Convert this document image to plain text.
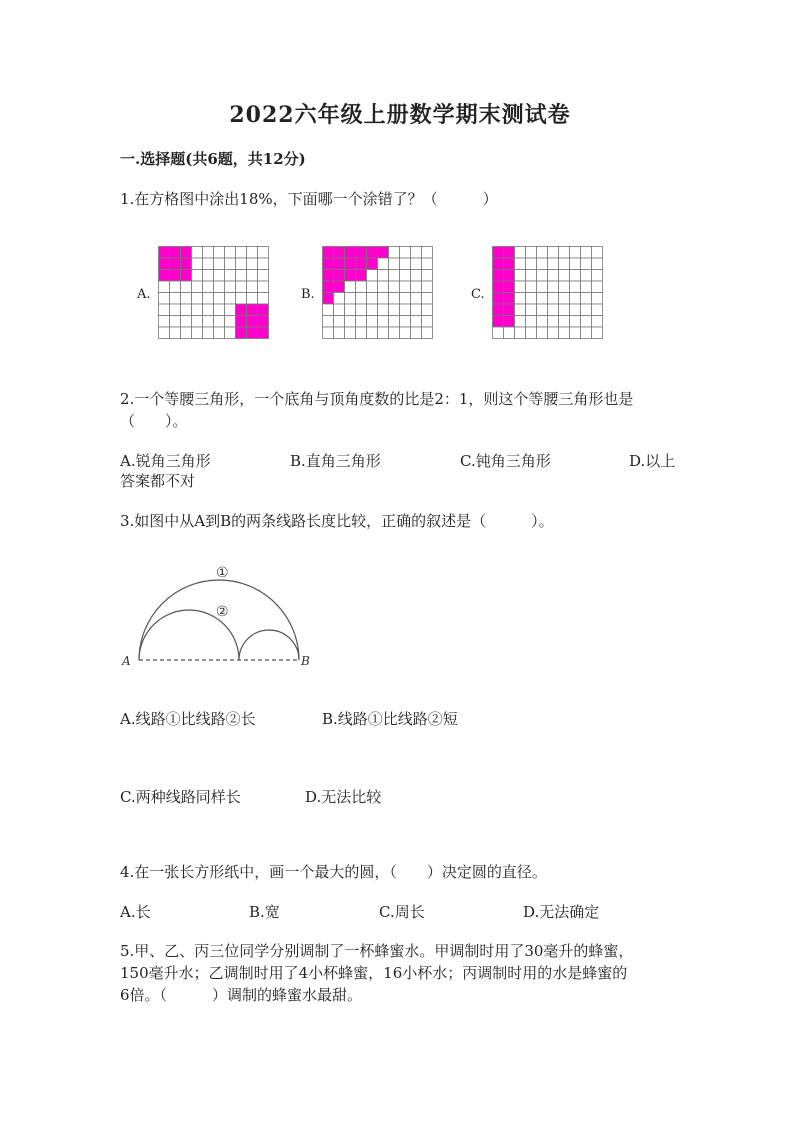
2022六年级上册数学期末测试卷
一.选择题(共6题，共12分)
1.在方格图中涂出18%，下面哪一个涂错了？（　　　）
A.	B.	C.
2.一个等腰三角形，一个底角与顶角度数的比是2：1，则这个等腰三角形也是
（　　）。
A.锐角三角形	B.直角三角形	C.钝角三角形	D.以上
答案都不对
3.如图中从A到B的两条线路长度比较，正确的叙述是（　　　）。
①
②
A	B
A.线路①比线路②长	B.线路①比线路②短
C.两种线路同样长	D.无法比较
4.在一张长方形纸中，画一个最大的圆，（　　）决定圆的直径。
A.长	B.宽	C.周长	D.无法确定
5.甲、乙、丙三位同学分别调制了一杯蜂蜜水。甲调制时用了30毫升的蜂蜜，
150毫升水；乙调制时用了4小杯蜂蜜，16小杯水；丙调制时用的水是蜂蜜的
6倍。（　　　）调制的蜂蜜水最甜。
